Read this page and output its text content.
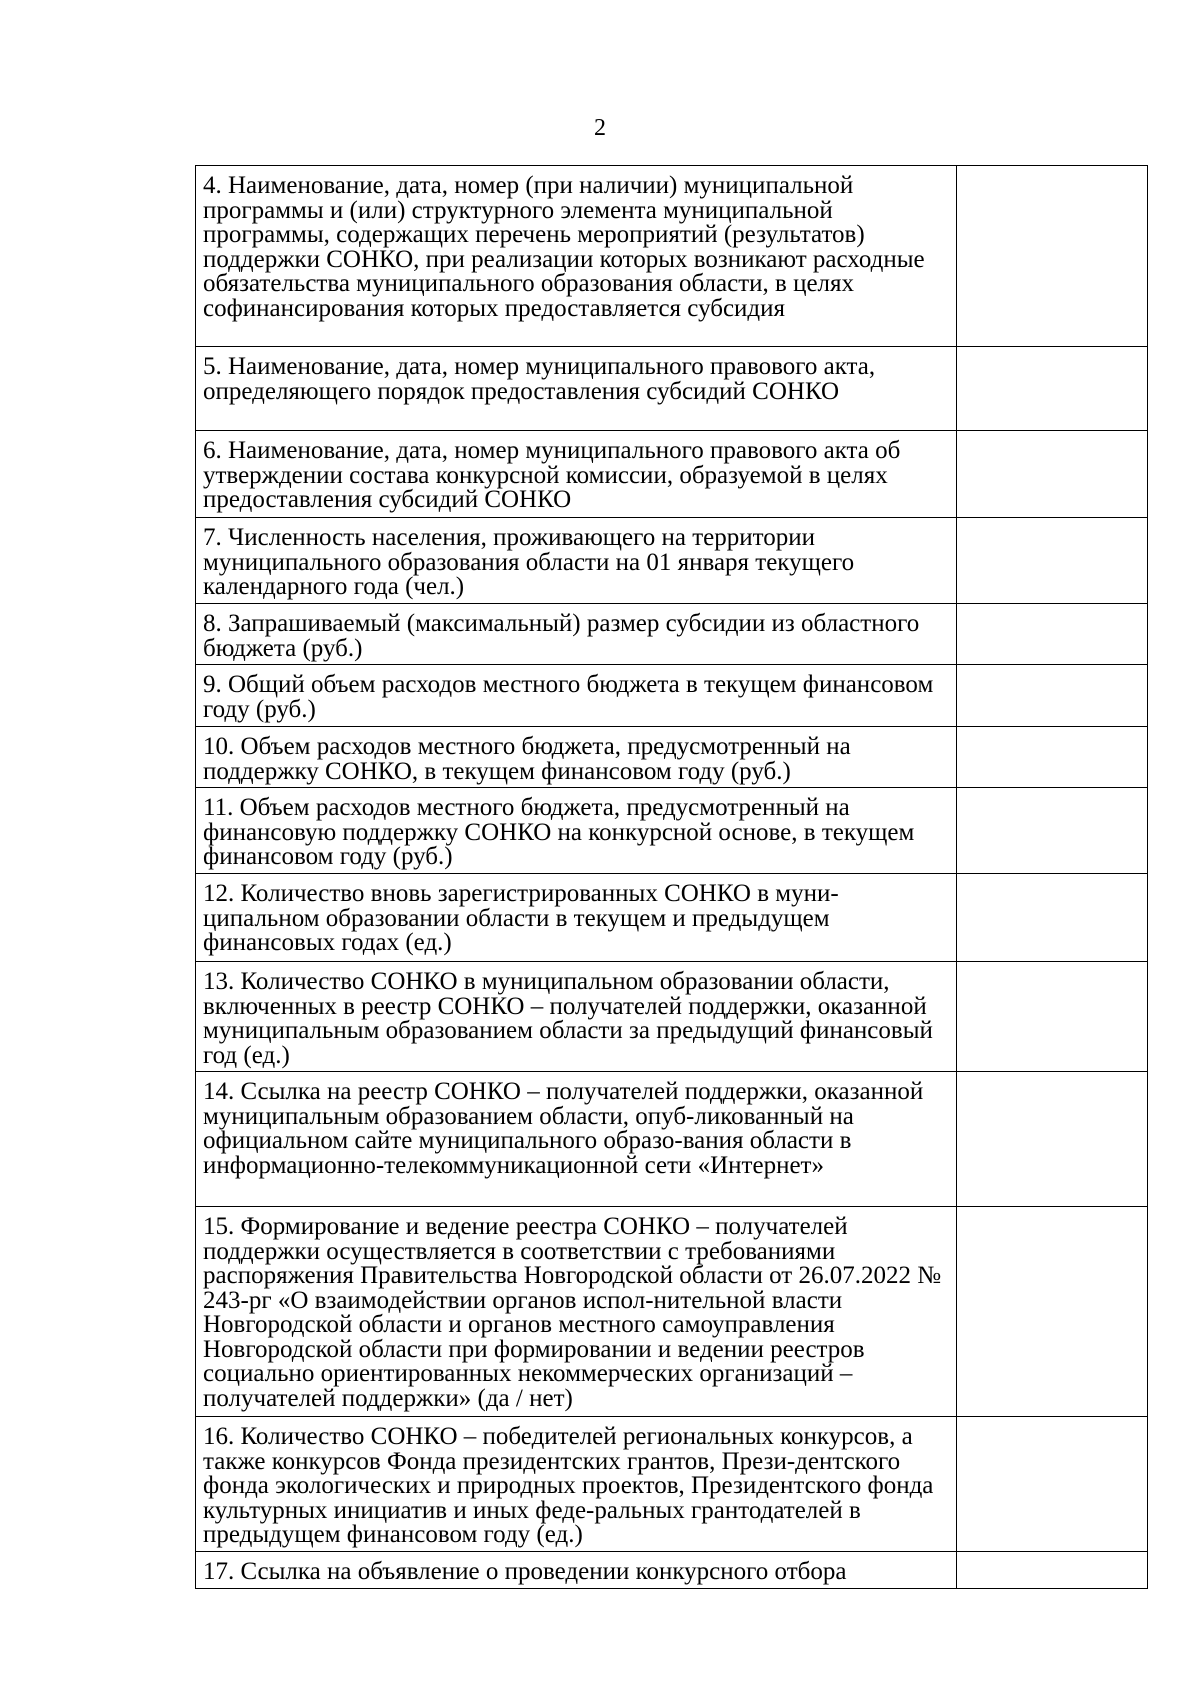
2
4. Наименование, дата, номер (при наличии) муниципальной программы и (или) структурного элемента муниципальной программы, содержащих перечень мероприятий (результатов) поддержки СОНКО, при реализации которых возникают расходные обязательства муниципального образования области, в целях софинансирования которых предоставляется субсидия	
5. Наименование, дата, номер муниципального правового акта, определяющего порядок предоставления субсидий СОНКО	
6. Наименование, дата, номер муниципального правового акта об утверждении состава конкурсной комиссии, образуемой в целях предоставления субсидий СОНКО	
7. Численность населения, проживающего на территории муниципального образования области на 01 января текущего календарного года (чел.)	
8. Запрашиваемый (максимальный) размер субсидии из областного бюджета (руб.)	
9. Общий объем расходов местного бюджета в текущем финансовом году (руб.)	
10. Объем расходов местного бюджета, предусмотренный на поддержку СОНКО, в текущем финансовом году (руб.)	
11. Объем расходов местного бюджета, предусмотренный на финансовую поддержку СОНКО на конкурсной основе, в текущем финансовом году (руб.)	
12. Количество вновь зарегистрированных СОНКО в муни-ципальном образовании области в текущем и предыдущем финансовых годах (ед.)	
13. Количество СОНКО в муниципальном образовании области, включенных в реестр СОНКО – получателей поддержки, оказанной муниципальным образованием области за предыдущий финансовый год (ед.)	
14. Ссылка на реестр СОНКО – получателей поддержки, оказанной муниципальным образованием области, опуб-ликованный на официальном сайте муниципального образо-вания области в информационно-телекоммуникационной сети «Интернет»	
15. Формирование и ведение реестра СОНКО – получателей поддержки осуществляется в соответствии с требованиями распоряжения Правительства Новгородской области от 26.07.2022 № 243-рг «О взаимодействии органов испол-нительной власти Новгородской области и органов местного самоуправления Новгородской области при формировании и ведении реестров социально ориентированных некоммерческих организаций – получателей поддержки» (да / нет)	
16. Количество СОНКО – победителей региональных конкурсов, а также конкурсов Фонда президентских грантов, Прези-дентского фонда экологических и природных проектов, Президентского фонда культурных инициатив и иных феде-ральных грантодателей в предыдущем финансовом году (ед.)	
17. Ссылка на объявление о проведении конкурсного отбора	
